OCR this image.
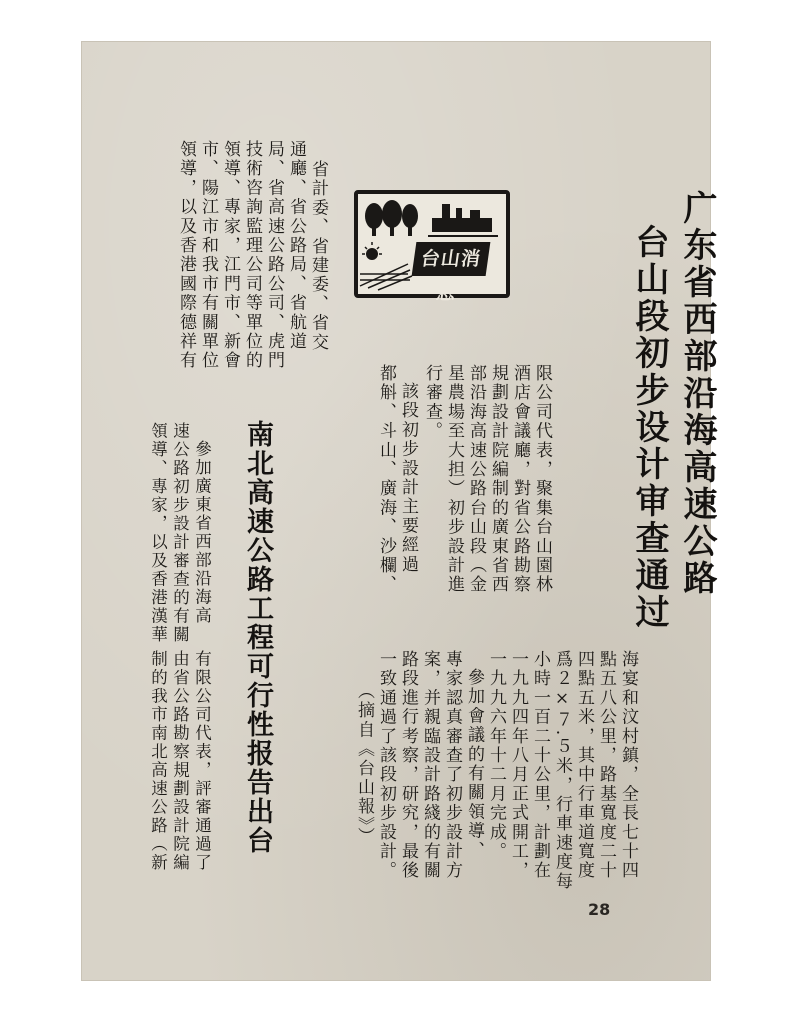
广东省西部沿海高速公路
台山段初步设计审查通过
海宴和汶村鎮，全長七十四
點五八公里，路基寬度二十
四點五米，其中行車道寬度
爲２×７.５米，行車速度每
小時一百二十公里，計劃在
一九九四年八月正式開工，
一九九六年十二月完成。
參加會議的有關領導、
專家認真審查了初步設計方
案，并親臨設計路綫的有關
路段進行考察，研究，最後
一致通過了該段初步設計。
（摘自《台山報》）
限公司代表，聚集台山園林
酒店會議廳，對省公路勘察
規劃設計院編制的廣東省西
部沿海高速公路台山段（金
星農場至大担）初步設計進
行審查。
該段初步設計主要經過
都斛、斗山、廣海、沙欄、
省計委、省建委、省交
通廳、省公路局、省航道
局、省高速公路公司、虎門
技術咨詢監理公司等單位的
領導、專家，江門市、新會
市、陽江市和我市有關單位
領導，以及香港國際德祥有	台山消息
南北高速公路工程可行性报告出台
參加廣東省西部沿海高
速公路初步設計審查的有關
領導、專家，以及香港漢華
有限公司代表，評審通過了
由省公路勘察規劃設計院編
制的我市南北高速公路（新
28
